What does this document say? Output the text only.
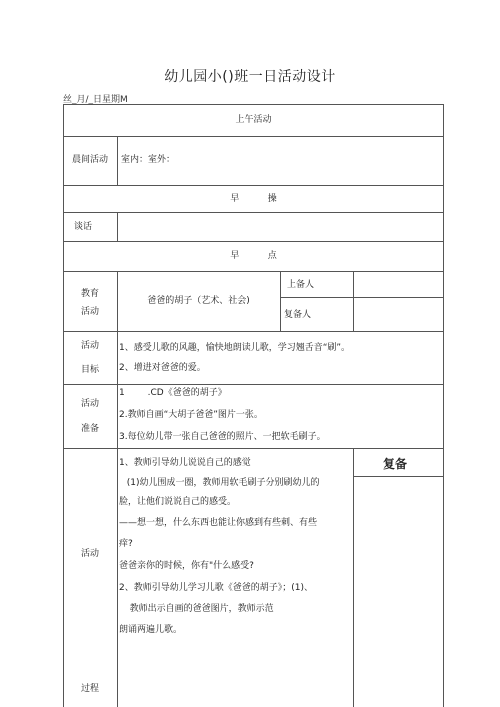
幼儿园小()班一日活动设计
丝_月/_日星期M
上午活动
晨间活动	室内：室外：
早          操
谈话
早          点
教育
活动
爸爸的胡子（艺术、社会)
上备人
复备人
活动
目标
1、感受儿歌的风趣，愉快地朗读儿歌，学习翘舌音“刷”。
2、增进对爸爸的爱。
活动
准备
1        .CD《爸爸的胡子》
2.教师自画“大胡子爸爸”图片一张。
3.每位幼儿带一张自己爸爸的照片、一把软毛刷子。
活动
过程
复备
1、教师引导幼儿说说自己的感觉
(1)幼儿围成一圈，教师用软毛刷子分别刷幼儿的
脸，让他们说说自己的感受。
——想一想，什么东西也能让你感到有些刺、有些
痒?
爸爸亲你的时候，你有"什么感受?
2、教师引导幼儿学习儿歌《爸爸的胡子》；(1)、
教师出示自画的爸爸图片，教师示范
朗诵两遍儿歌。
